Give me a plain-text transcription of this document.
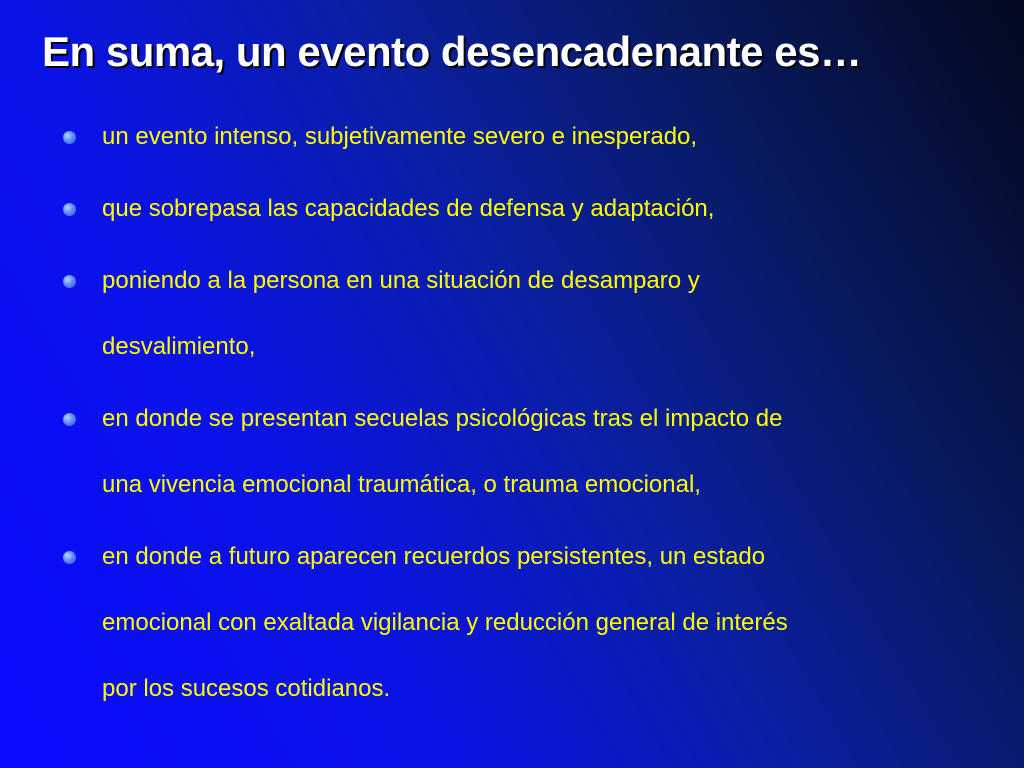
En suma, un evento desencadenante es…
un evento intenso, subjetivamente severo e inesperado,
que sobrepasa las capacidades de defensa y adaptación,
poniendo a la persona en una situación de desamparo y
desvalimiento,
en donde se presentan secuelas psicológicas tras el impacto de
una vivencia emocional traumática, o trauma emocional,
en donde a futuro aparecen recuerdos persistentes, un estado
emocional con exaltada vigilancia y reducción general de interés
por los sucesos cotidianos.
